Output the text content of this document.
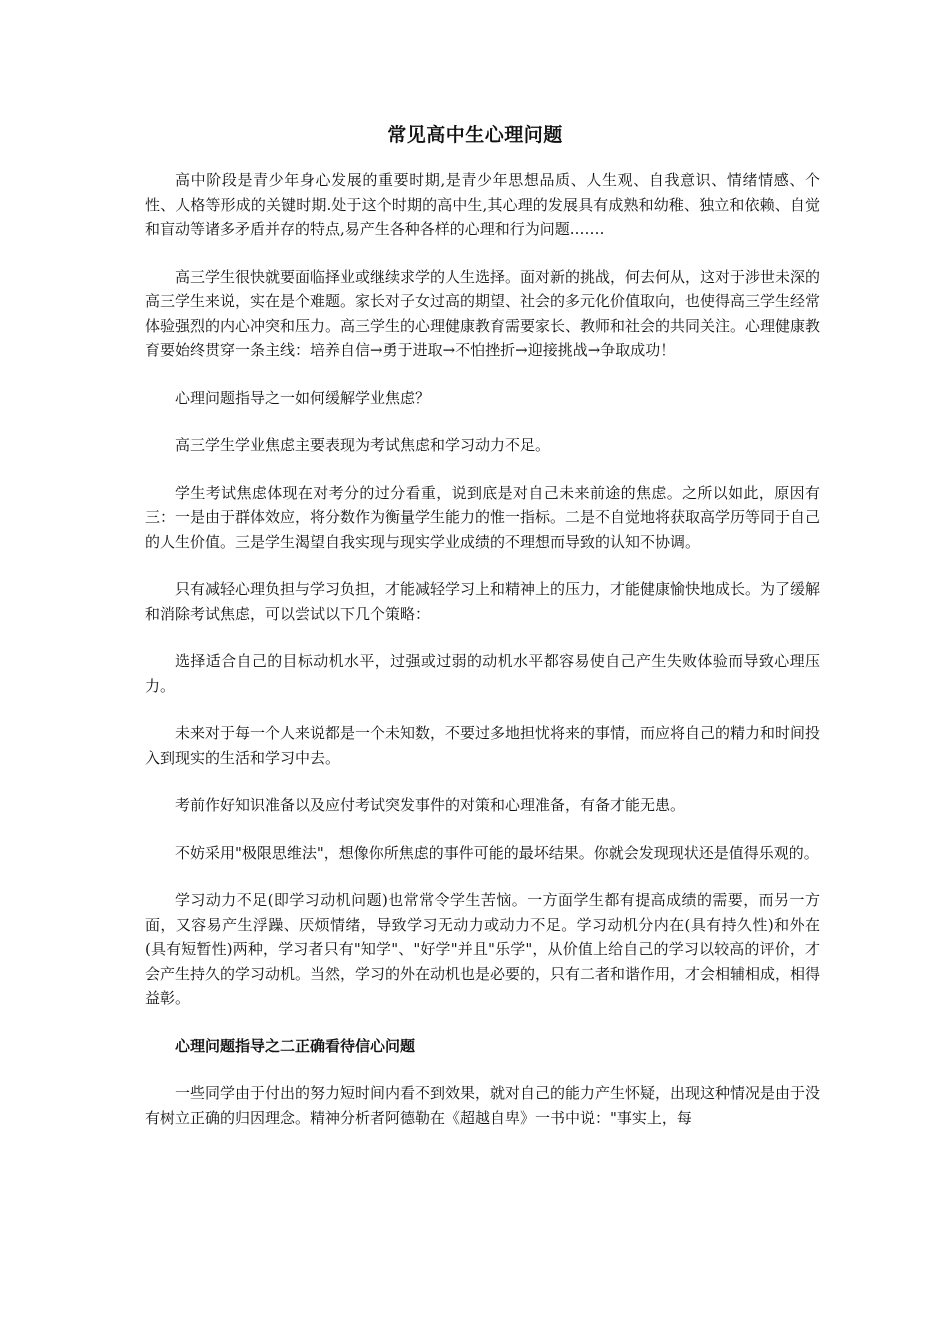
常见高中生心理问题

高中阶段是青少年身心发展的重要时期,是青少年思想品质、人生观、自我意识、情绪情感、个性、人格等形成的关键时期.处于这个时期的高中生,其心理的发展具有成熟和幼稚、独立和依赖、自觉和盲动等诸多矛盾并存的特点,易产生各种各样的心理和行为问题.……

高三学生很快就要面临择业或继续求学的人生选择。面对新的挑战，何去何从，这对于涉世未深的高三学生来说，实在是个难题。家长对子女过高的期望、社会的多元化价值取向，也使得高三学生经常体验强烈的内心冲突和压力。高三学生的心理健康教育需要家长、教师和社会的共同关注。心理健康教育要始终贯穿一条主线：培养自信→勇于进取→不怕挫折→迎接挑战→争取成功！

心理问题指导之一如何缓解学业焦虑？

高三学生学业焦虑主要表现为考试焦虑和学习动力不足。

学生考试焦虑体现在对考分的过分看重，说到底是对自己未来前途的焦虑。之所以如此，原因有三：一是由于群体效应，将分数作为衡量学生能力的惟一指标。二是不自觉地将获取高学历等同于自己的人生价值。三是学生渴望自我实现与现实学业成绩的不理想而导致的认知不协调。

只有减轻心理负担与学习负担，才能减轻学习上和精神上的压力，才能健康愉快地成长。为了缓解和消除考试焦虑，可以尝试以下几个策略：

选择适合自己的目标动机水平，过强或过弱的动机水平都容易使自己产生失败体验而导致心理压力。

未来对于每一个人来说都是一个未知数，不要过多地担忧将来的事情，而应将自己的精力和时间投入到现实的生活和学习中去。

考前作好知识准备以及应付考试突发事件的对策和心理准备，有备才能无患。

不妨采用"极限思维法"，想像你所焦虑的事件可能的最坏结果。你就会发现现状还是值得乐观的。

学习动力不足(即学习动机问题)也常常令学生苦恼。一方面学生都有提高成绩的需要，而另一方面，又容易产生浮躁、厌烦情绪，导致学习无动力或动力不足。学习动机分内在(具有持久性)和外在(具有短暂性)两种，学习者只有"知学"、"好学"并且"乐学"，从价值上给自己的学习以较高的评价，才会产生持久的学习动机。当然，学习的外在动机也是必要的，只有二者和谐作用，才会相辅相成，相得益彰。

心理问题指导之二正确看待信心问题

一些同学由于付出的努力短时间内看不到效果，就对自己的能力产生怀疑，出现这种情况是由于没有树立正确的归因理念。精神分析者阿德勒在《超越自卑》一书中说："事实上，每
